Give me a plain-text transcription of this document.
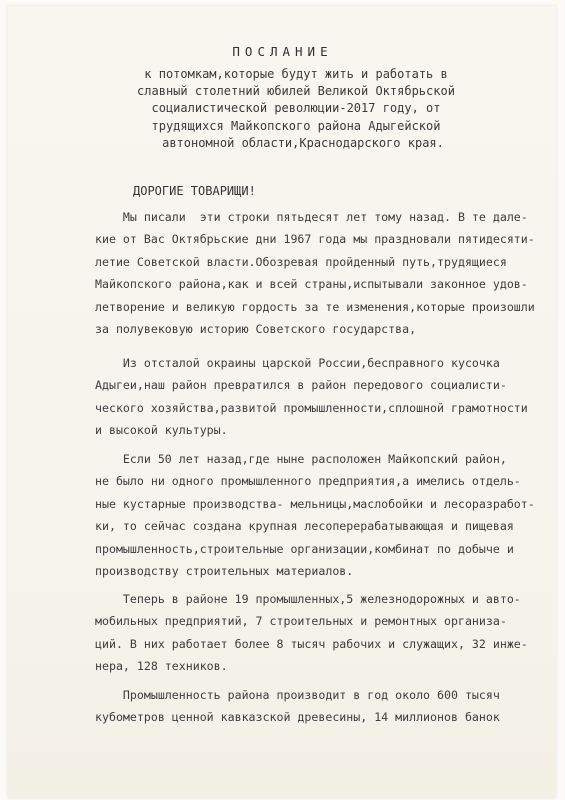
ПОСЛАНИЕ
к потомкам,которые будут жить и работать в
славный столетний юбилей Великой Октябрьской
социалистической революции-2017 году, от
трудящихся Майкопского района Адыгейской
автономной области,Краснодарского края.
ДОРОГИЕ ТОВАРИЩИ!
Мы писали  эти строки пятьдесят лет тому назад. В те дале-
кие от Вас Октябрьские дни 1967 года мы праздновали пятидесяти-
летие Советской власти.Обозревая пройденный путь,трудящиеся
Майкопского района,как и всей страны,испытывали законное удов-
летворение и великую гордость за те изменения,которые произошли
за полувековую историю Советского государства,
Из отсталой окраины царской России,бесправного кусочка
Адыгеи,наш район превратился в район передового социалисти-
ческого хозяйства,развитой промышленности,сплошной грамотности
и высокой культуры.
Если 50 лет назад,где ныне расположен Майкопский район,
не было ни одного промышленного предприятия,а имелись отдель-
ные кустарные производства- мельницы,маслобойки и лесоразработ-
ки, то сейчас создана крупная лесоперерабатывающая и пищевая
промышленность,строительные организации,комбинат по добыче и
производству строительных материалов.
Теперь в районе 19 промышленных,5 железнодорожных и авто-
мобильных предприятий, 7 строительных и ремонтных организа-
ций. В них работает более 8 тысяч рабочих и служащих, 32 инже-
нера, 128 техников.
Промышленность района производит в год около 600 тысяч
кубометров ценной кавказской древесины, 14 миллионов банок
